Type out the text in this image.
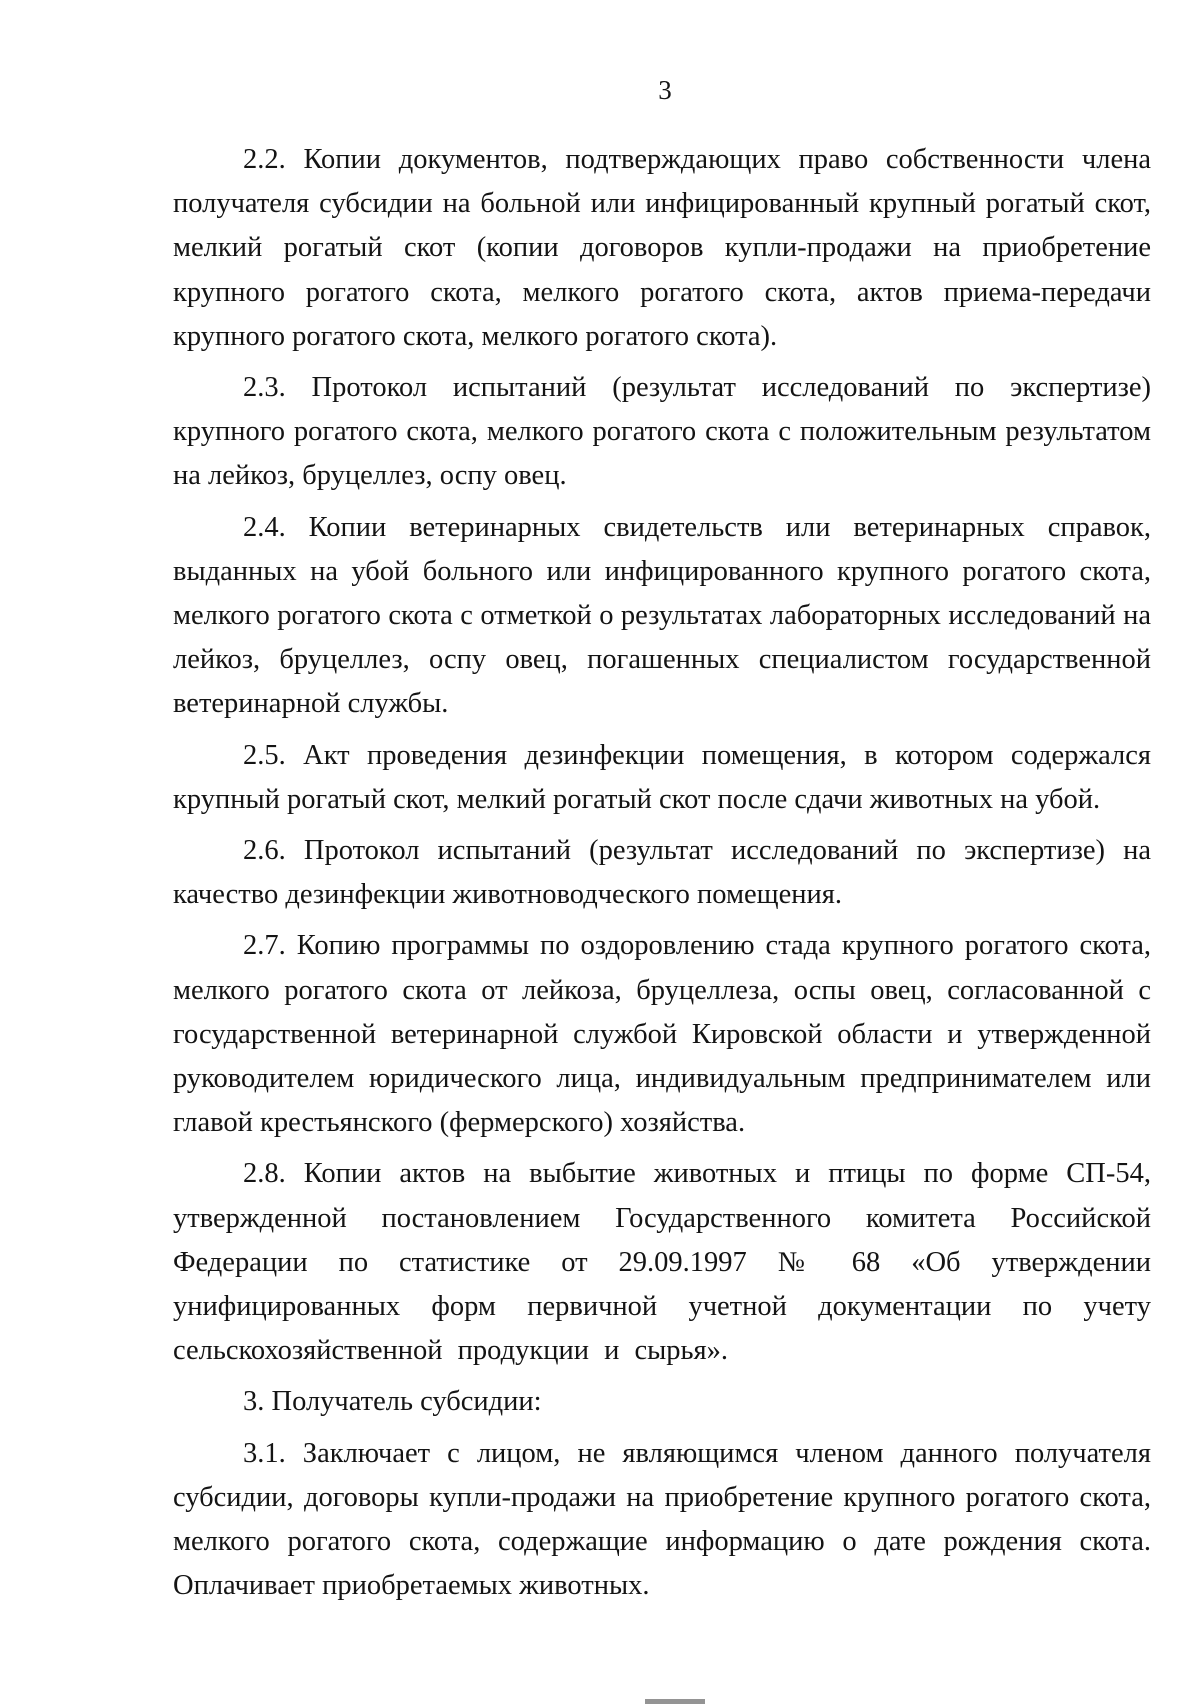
3

2.2. Копии документов, подтверждающих право собственности члена получателя субсидии на больной или инфицированный крупный рогатый скот, мелкий рогатый скот (копии договоров купли-продажи на приобретение крупного рогатого скота, мелкого рогатого скота, актов приема-передачи крупного рогатого скота, мелкого рогатого скота).

2.3. Протокол испытаний (результат исследований по экспертизе) крупного рогатого скота, мелкого рогатого скота с положительным результатом на лейкоз, бруцеллез, оспу овец.

2.4. Копии ветеринарных свидетельств или ветеринарных справок, выданных на убой больного или инфицированного крупного рогатого скота, мелкого рогатого скота с отметкой о результатах лабораторных исследований на лейкоз, бруцеллез, оспу овец, погашенных специалистом государственной ветеринарной службы.

2.5. Акт проведения дезинфекции помещения, в котором содержался крупный рогатый скот, мелкий рогатый скот после сдачи животных на убой.

2.6. Протокол испытаний (результат исследований по экспертизе) на качество дезинфекции животноводческого помещения.

2.7. Копию программы по оздоровлению стада крупного рогатого скота, мелкого рогатого скота от лейкоза, бруцеллеза, оспы овец, согласованной с государственной ветеринарной службой Кировской области и утвержденной руководителем юридического лица, индивидуальным предпринимателем или главой крестьянского (фермерского) хозяйства.

2.8. Копии актов на выбытие животных и птицы по форме СП-54, утвержденной постановлением Государственного комитета Российской Федерации по статистике от 29.09.1997 № 68 «Об утверждении унифицированных форм первичной учетной документации по учету сельскохозяйственной продукции и сырья».

3. Получатель субсидии:

3.1. Заключает с лицом, не являющимся членом данного получателя субсидии, договоры купли-продажи на приобретение крупного рогатого скота, мелкого рогатого скота, содержащие информацию о дате рождения скота. Оплачивает приобретаемых животных.
